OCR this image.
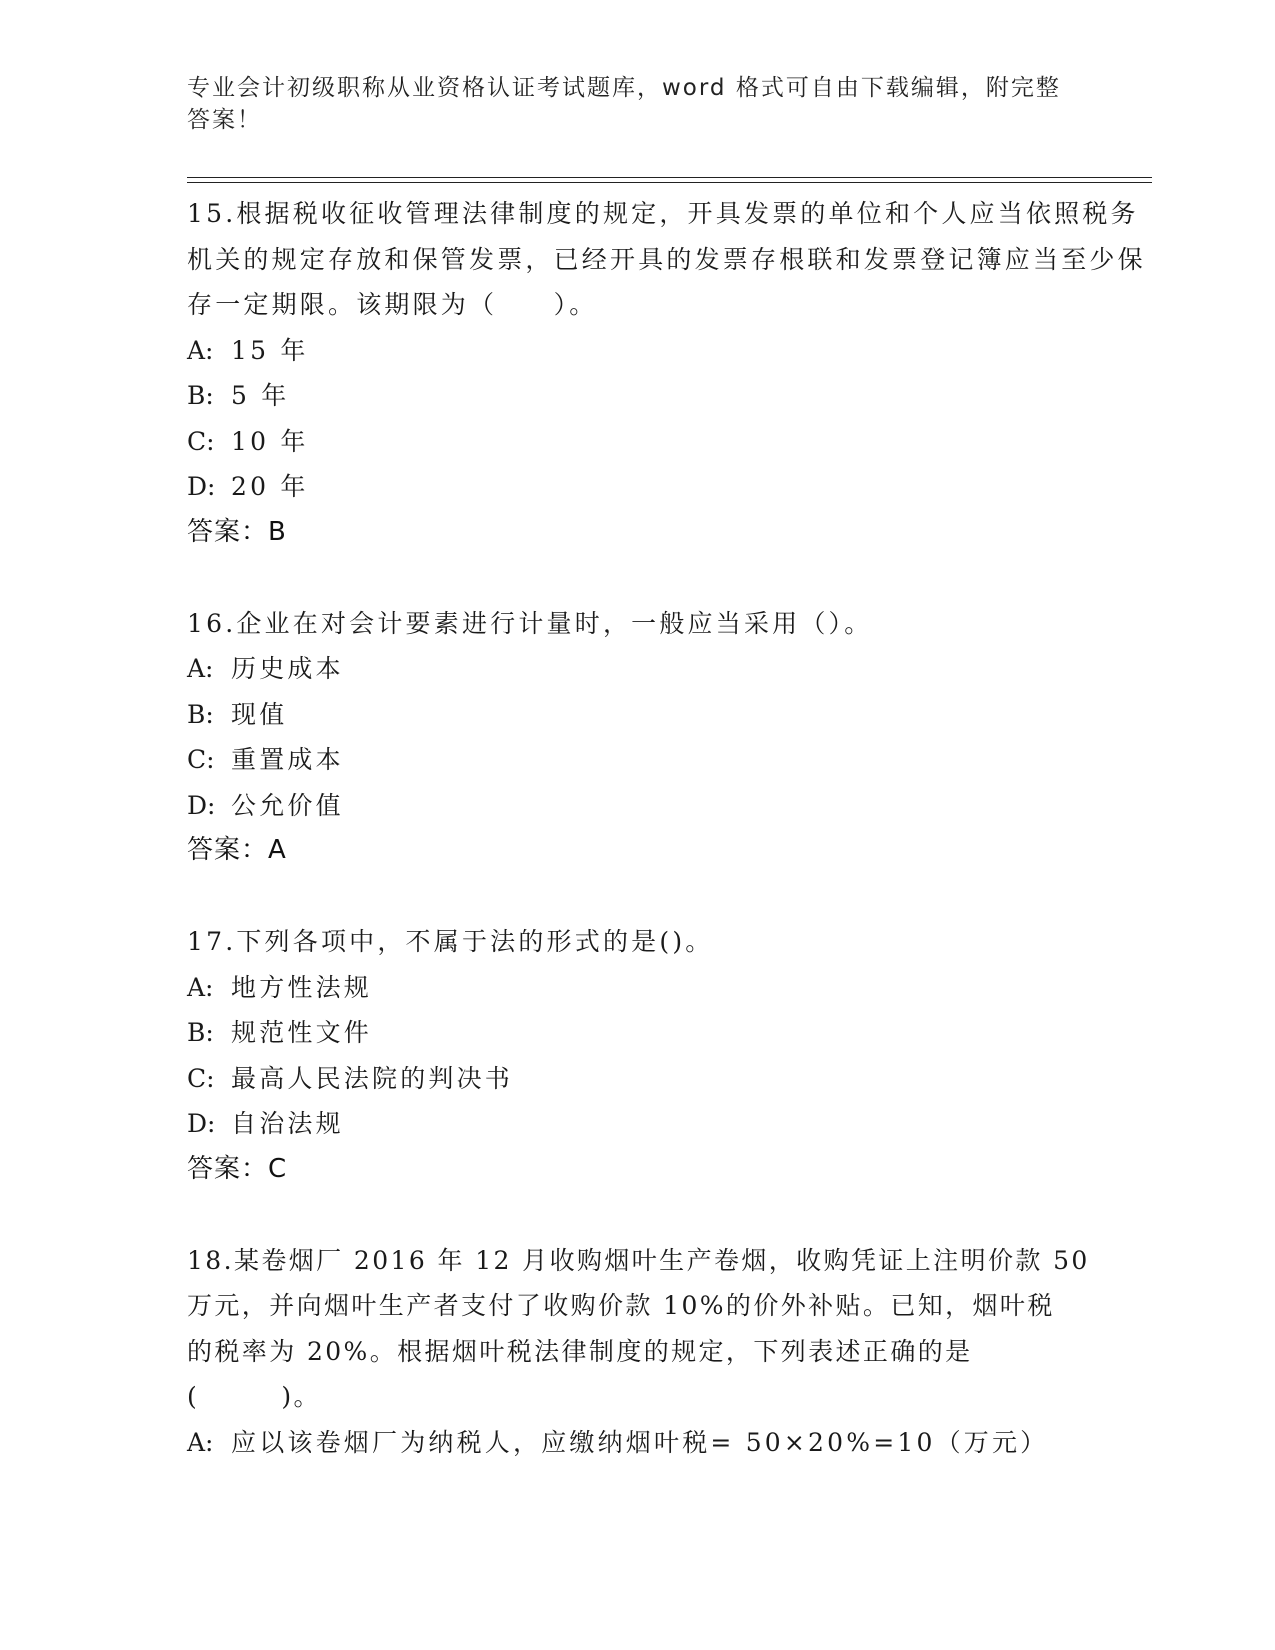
专业会计初级职称从业资格认证考试题库，word 格式可自由下载编辑，附完整答案！

15.根据税收征收管理法律制度的规定，开具发票的单位和个人应当依照税务机关的规定存放和保管发票，已经开具的发票存根联和发票登记簿应当至少保存一定期限。该期限为（　　）。

A: 15 年

B: 5 年

C: 10 年

D: 20 年

答案：B

16.企业在对会计要素进行计量时，一般应当采用（）。

A: 历史成本

B: 现值

C: 重置成本

D: 公允价值

答案：A

17.下列各项中，不属于法的形式的是()。

A: 地方性法规

B: 规范性文件

C: 最高人民法院的判决书

D: 自治法规

答案：C

18.某卷烟厂 2016 年 12 月收购烟叶生产卷烟，收购凭证上注明价款 50

万元，并向烟叶生产者支付了收购价款 10%的价外补贴。已知，烟叶税

的税率为 20%。根据烟叶税法律制度的规定，下列表述正确的是

(　　　)。

A: 应以该卷烟厂为纳税人，应缴纳烟叶税= 50×20%=10（万元）
